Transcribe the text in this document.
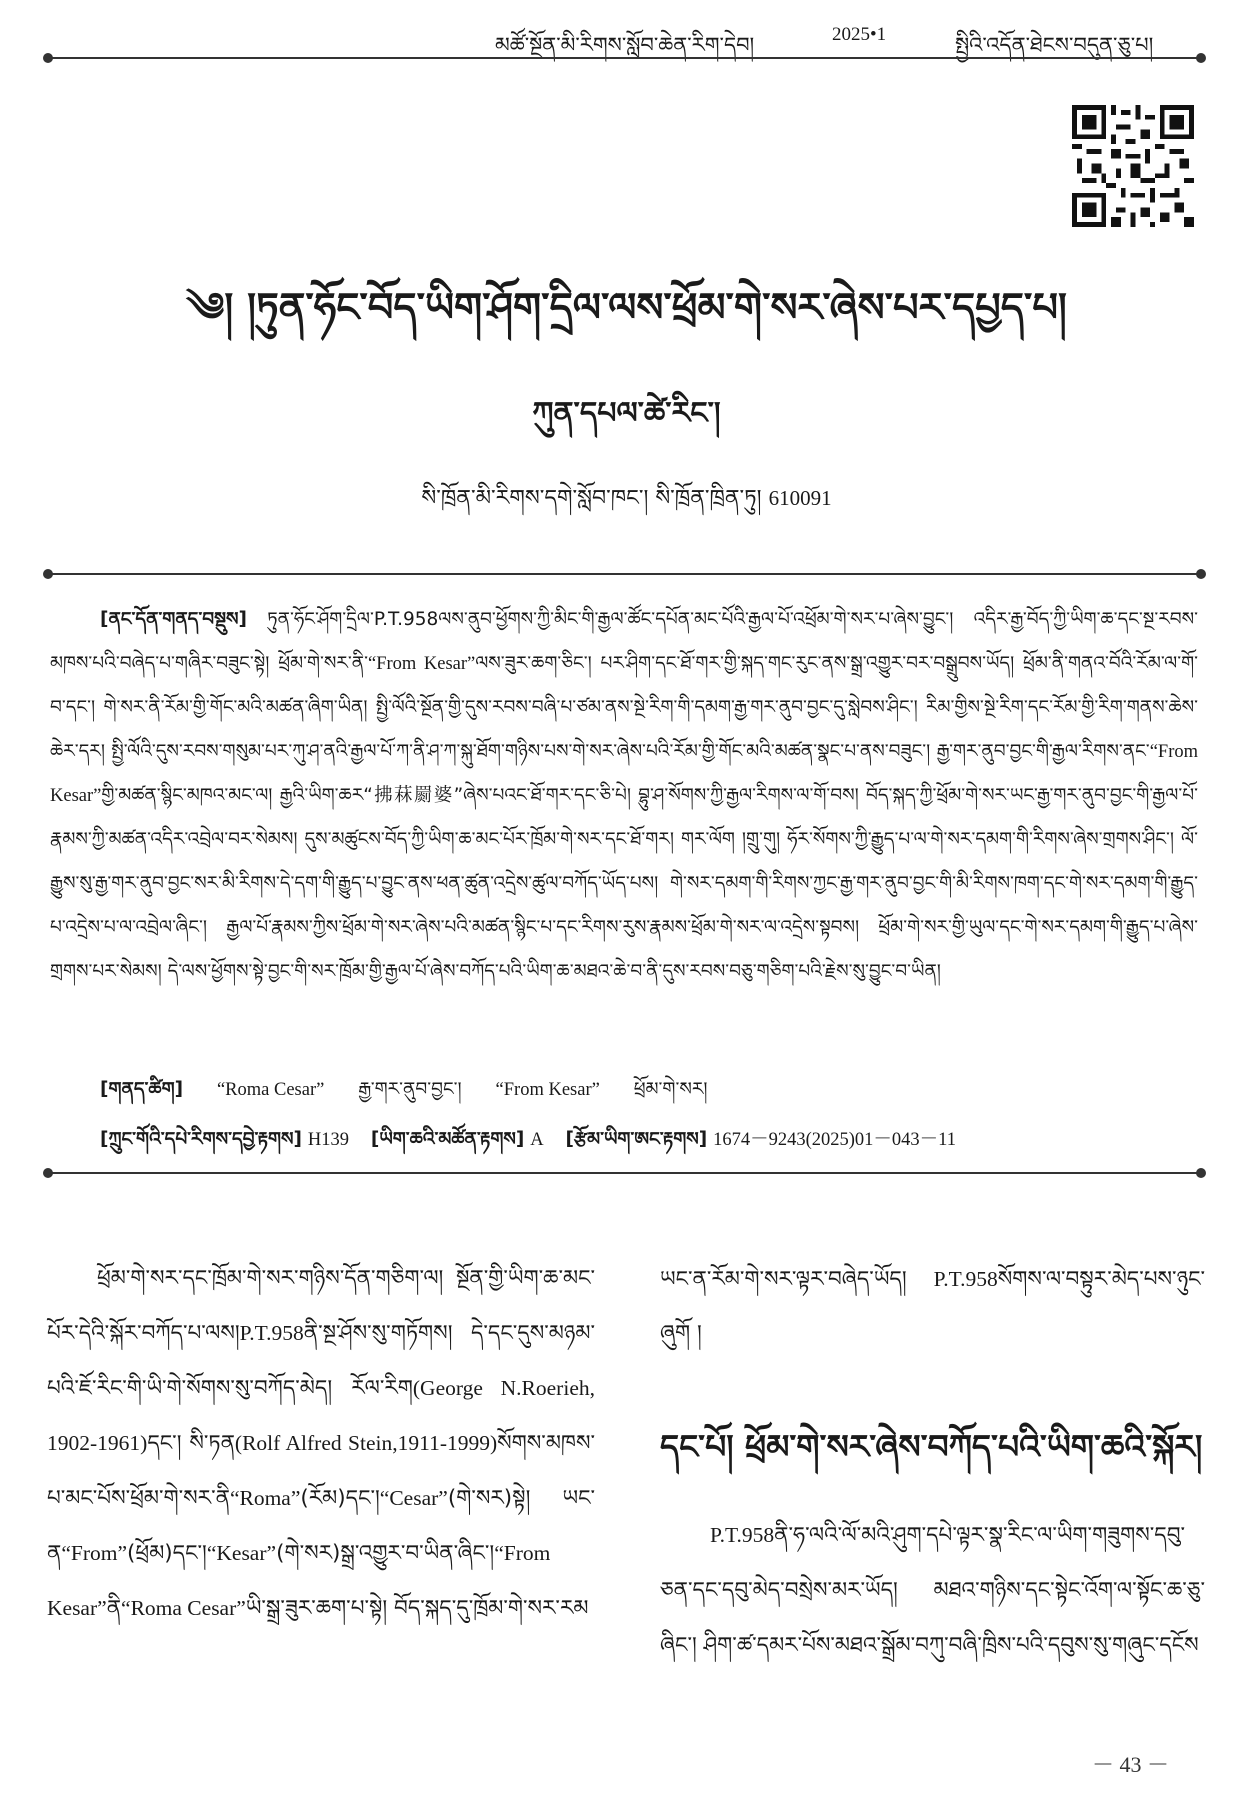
མཚོ་སྔོན་མི་རིགས་སློབ་ཆེན་རིག་དེབ།	2025•1	སྤྱིའི་འདོན་ཐེངས་བདུན་ཅུ་པ།
༄། །ཏུན་ཧོང་བོད་ཡིག་ཤོག་དྲིལ་ལས་ཕྲོམ་གེ་སར་ཞེས་པར་དཔྱད་པ།
ཀུན་དཔལ་ཚེ་རིང་།
སི་ཁྲོན་མི་རིགས་དགེ་སློབ་ཁང་། སི་ཁྲོན་ཁྲིན་ཏུ། 610091
[ནང་དོན་གནད་བསྡུས] ཏུན་ཧོང་ཤོག་དྲིལ་P.T.958ལས་ནུབ་ཕྱོགས་ཀྱི་མིང་གི་རྒྱལ་ཚོང་དཔོན་མང་པོའི་རྒྱལ་པོ་འཕྲོམ་གེ་སར་པ་ཞེས་བྱུང་། འདིར་རྒྱ་བོད་ཀྱི་ཡིག་ཆ་དང་སྔ་རབས་མཁས་པའི་བཞེད་པ་གཞིར་བཟུང་སྟེ། ཕྲོམ་གེ་སར་ནི་“From Kesar”ལས་ཟུར་ཆག་ཅིང་། པར་ཤིག་དང་ཐོ་གར་གྱི་སྐད་གང་རུང་ནས་སྒྲ་འགྱུར་བར་བསྒྲུབས་ཡོད། ཕྲོམ་ནི་གནའ་བོའི་རོམ་ལ་གོ་བ་དང་། གེ་སར་ནི་རོམ་གྱི་གོང་མའི་མཚན་ཞིག་ཡིན། སྤྱི་ལོའི་སྔོན་གྱི་དུས་རབས་བཞི་པ་ཙམ་ནས་སྔེ་རིག་གི་དམག་རྒྱ་གར་ནུབ་བྱང་དུ་སླེབས་ཤིང་། རིམ་གྱིས་སྔེ་རིག་དང་རོམ་གྱི་རིག་གནས་ཆེས་ཆེར་དར། སྤྱི་ལོའི་དུས་རབས་གསུམ་པར་ཀུ་ཤ་ནའི་རྒྱལ་པོ་ཀ་ནི་ཤ་ཀ་སྐུ་ཐོག་གཉིས་པས་གེ་སར་ཞེས་པའི་རོམ་གྱི་གོང་མའི་མཚན་སྣང་པ་ནས་བཟུང་། རྒྱ་གར་ནུབ་བྱང་གི་རྒྱལ་རིགས་ནང་“From Kesar”གྱི་མཚན་སྙིང་མཁའ་མང་ལ། རྒྱའི་ཡིག་ཆར“拂菻罽婆”ཞེས་པའང་ཐོ་གར་དང་ཅི་པེ། བྷུ་ཤ་སོགས་ཀྱི་རྒྱལ་རིགས་ལ་གོ་བས། བོད་སྐད་ཀྱི་ཕྲོམ་གེ་སར་ཡང་རྒྱ་གར་ནུབ་བྱང་གི་རྒྱལ་པོ་རྣམས་ཀྱི་མཚན་འདིར་འབྲེལ་བར་སེམས། དུས་མཚུངས་བོད་ཀྱི་ཡིག་ཆ་མང་པོར་ཁྲོམ་གེ་སར་དང་ཐོ་གར། གར་ལོག །གྲུ་གུ། ཧོར་སོགས་ཀྱི་རྒྱུད་པ་ལ་གེ་སར་དམག་གི་རིགས་ཞེས་གྲགས་ཤིང་། ལོ་རྒྱུས་སུ་རྒྱ་གར་ནུབ་བྱང་སར་མི་རིགས་དེ་དག་གི་རྒྱུད་པ་བྱུང་ནས་ཕན་ཚུན་འདྲེས་ཚུལ་བཀོད་ཡོད་པས། གེ་སར་དམག་གི་རིགས་ཀྱང་རྒྱ་གར་ནུབ་བྱང་གི་མི་རིགས་ཁག་དང་གེ་སར་དམག་གི་རྒྱུད་པ་འདྲེས་པ་ལ་འབྲེལ་ཞིང་། རྒྱལ་པོ་རྣམས་ཀྱིས་ཕྲོམ་གེ་སར་ཞེས་པའི་མཚན་སྙིང་པ་དང་རིགས་རུས་རྣམས་ཕྲོམ་གེ་སར་ལ་འདྲེས་སྟབས། ཕྲོམ་གེ་སར་གྱི་ཡུལ་དང་གེ་སར་དམག་གི་རྒྱུད་པ་ཞེས་གྲགས་པར་སེམས། དེ་ལས་ཕྱོགས་སྟེ་བྱང་གི་སར་ཁྲོམ་གྱི་རྒྱལ་པོ་ཞེས་བཀོད་པའི་ཡིག་ཆ་མཐའ་ཆེ་བ་ནི་དུས་རབས་བཅུ་གཅིག་པའི་རྗེས་སུ་བྱུང་བ་ཡིན།
[གནད་ཚིག] “Roma Cesar” རྒྱ་གར་ནུབ་བྱང་། “From Kesar” ཕྲོམ་གེ་སར།
[ཀྲུང་གོའི་དཔེ་རིགས་དབྱེ་རྟགས] H139 [ཡིག་ཆའི་མཚོན་རྟགས] A [རྩོམ་ཡིག་ཨང་རྟགས] 1674－9243(2025)01－043－11
ཕྲོམ་གེ་སར་དང་ཁྲོམ་གེ་སར་གཉིས་དོན་གཅིག་ལ། སྔོན་གྱི་ཡིག་ཆ་མང་པོར་དེའི་སྐོར་བཀོད་པ་ལས།P.T.958ནི་སྔ་ཤོས་སུ་གཏོགས། དེ་དང་དུས་མཉམ་པའི་ཇོ་རིང་གི་ཡི་གེ་སོགས་སུ་བཀོད་མེད། རོལ་རིག(George N.Roerieh, 1902-1961)དང་། སི་ཏན(Rolf Alfred Stein,1911-1999)སོགས་མཁས་པ་མང་པོས་ཕྲོམ་གེ་སར་ནི“Roma”(རོམ)དང་།“Cesar”(གེ་སར)སྟེ། ཡང་ན“From”(ཕྲོམ)དང་།“Kesar”(གེ་སར)སྒྲ་འགྱུར་བ་ཡིན་ཞིང་།“From Kesar”ནི“Roma Cesar”ཡི་སྒྲ་ཟུར་ཆག་པ་སྟེ། བོད་སྐད་དུ་ཁྲོམ་གེ་སར་རམ
ཡང་ན་རོམ་གེ་སར་ལྟར་བཞེད་ཡོད། P.T.958སོགས་ལ་བསྟུར་མེད་པས་ཉུང་ཞུགོ །
དང་པོ། ཕྲོམ་གེ་སར་ཞེས་བཀོད་པའི་ཡིག་ཆའི་སྐོར།
P.T.958ནི་ཧ་ལའི་ལོ་མའི་ཤུག་དཔེ་ལྟར་སྣ་རིང་ལ་ཡིག་གཟུགས་དབུ་ཅན་དང་དབུ་མེད་བསྲེས་མར་ཡོད། མཐའ་གཉིས་དང་སྟེང་འོག་ལ་སྟོང་ཆ་ཅུ་ཞིང་། ཤིག་ཚ་དམར་པོས་མཐའ་སྒྲོམ་བཀུ་བཞི་ཁྲིས་པའི་དབུས་སུ་གཞུང་དངོས
－ 43 －
